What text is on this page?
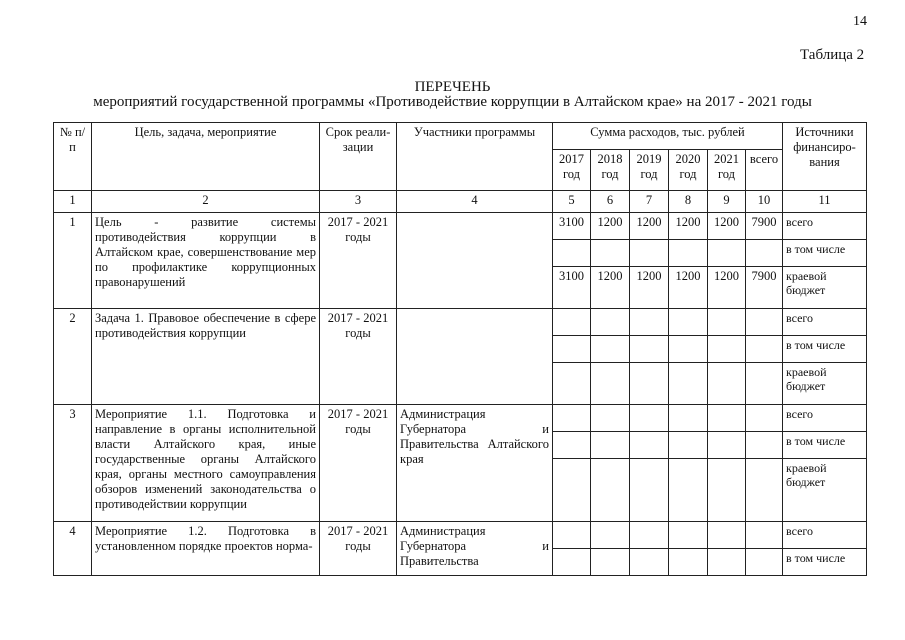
14
Таблица 2
ПЕРЕЧЕНЬ
мероприятий государственной программы «Противодействие коррупции в Алтайском крае» на 2017 - 2021 годы
№ п/п	Цель, задача, мероприятие	Срок реали-зации	Участники программы	Сумма расходов, тыс. рублей						Источники финансиро-вания
				2017 год	2018 год	2019 год	2020 год	2021 год	всего	
1	2	3	4	5	6	7	8	9	10	11
1	Цель - развитие системы противодействия коррупции в Алтайском крае, совершенствование мер по профилактике коррупционных правонарушений	2017 - 2021 годы		3100	1200	1200	1200	1200	7900	всего
										в том числе
				3100	1200	1200	1200	1200	7900	краевой бюджет
2	Задача 1. Правовое обеспечение в сфере противодействия коррупции	2017 - 2021 годы								всего
										в том числе
										краевой бюджет
3	Мероприятие 1.1. Подготовка и направление в органы исполнительной власти Алтайского края, иные государственные органы Алтайского края, органы местного самоуправления обзоров изменений законодательства о противодействии коррупции	2017 - 2021 годы	Администрация Губернатора и Правительства Алтайского края							всего
										в том числе
										краевой бюджет
4	Мероприятие 1.2. Подготовка в установленном порядке проектов норма-	2017 - 2021 годы	Администрация Губернатора и Правительства							всего
										в том числе
